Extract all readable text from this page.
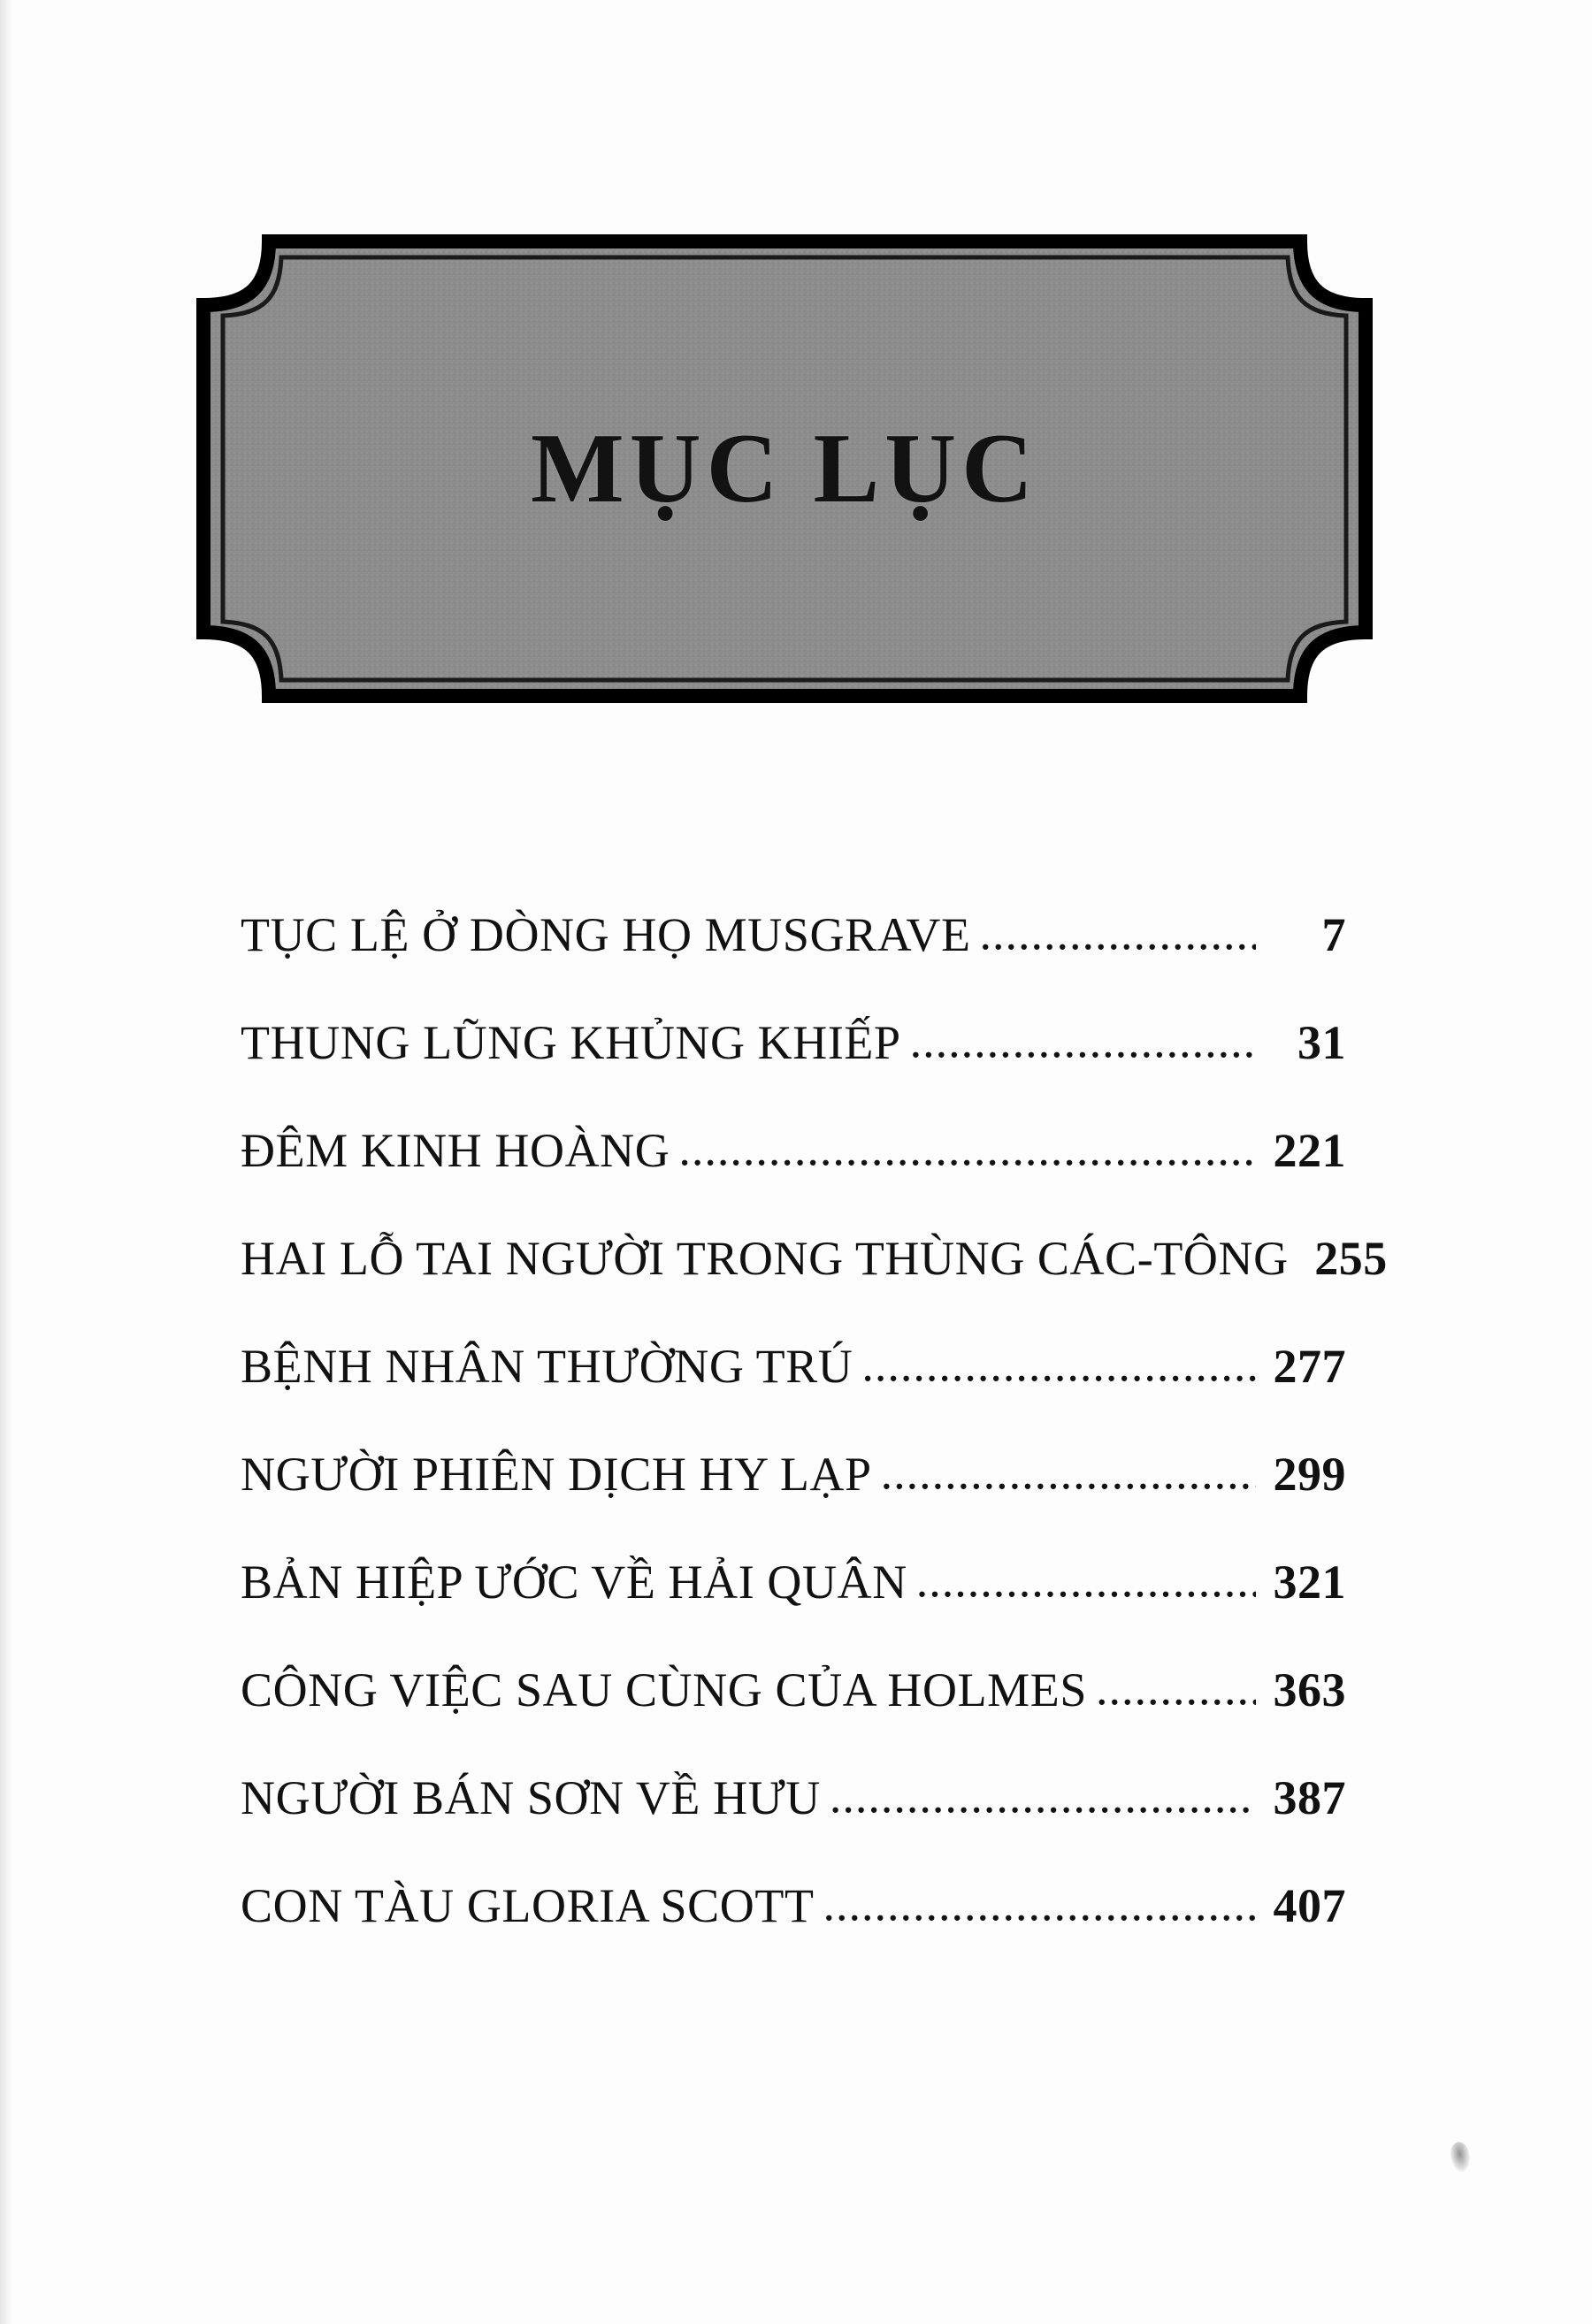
MỤC LỤC
TỤC LỆ Ở DÒNG HỌ MUSGRAVE .....	7
THUNG LŨNG KHỦNG KHIẾP .....	31
ĐÊM KINH HOÀNG .....	221
HAI LỖ TAI NGƯỜI TRONG THÙNG CÁC-TÔNG 255
BỆNH NHÂN THƯỜNG TRÚ .....	277
NGƯỜI PHIÊN DỊCH HY LẠP .....	299
BẢN HIỆP ƯỚC VỀ HẢI QUÂN .....	321
CÔNG VIỆC SAU CÙNG CỦA HOLMES .....	363
NGƯỜI BÁN SƠN VỀ HƯU .....	387
CON TÀU GLORIA SCOTT .....	407
